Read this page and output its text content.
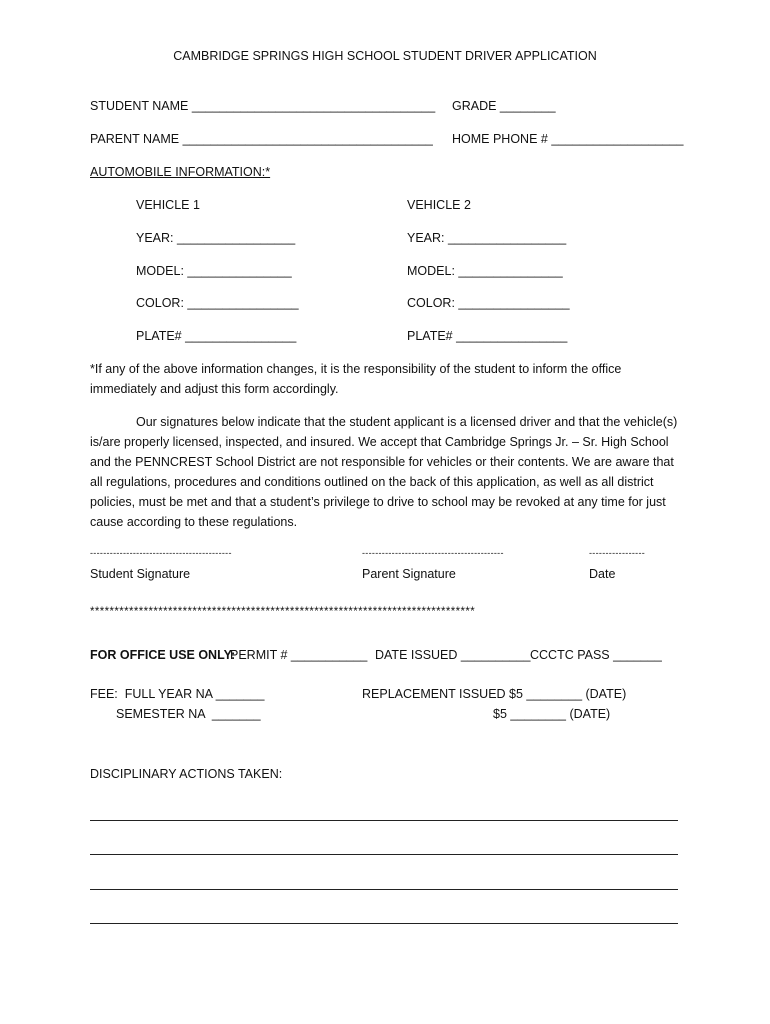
CAMBRIDGE SPRINGS HIGH SCHOOL STUDENT DRIVER APPLICATION
STUDENT NAME ___________________________________ GRADE ________
PARENT NAME ____________________________________ HOME PHONE # ___________________
AUTOMOBILE INFORMATION:*
VEHICLE 1	VEHICLE 2
YEAR: _________________	YEAR: _________________
MODEL: _______________	MODEL: _______________
COLOR: ________________	COLOR: ________________
PLATE# ________________	PLATE# ________________
*If any of the above information changes, it is the responsibility of the student to inform the office immediately and adjust this form accordingly.
Our signatures below indicate that the student applicant is a licensed driver and that the vehicle(s) is/are properly licensed, inspected, and insured. We accept that Cambridge Springs Jr. – Sr. High School and the PENNCREST School District are not responsible for vehicles or their contents. We are aware that all regulations, procedures and conditions outlined on the back of this application, as well as all district policies, must be met and that a student’s privilege to drive to school may be revoked at any time for just cause according to these regulations.
-------------------------------------------	-------------------------------------------	-----------------
Student Signature	Parent Signature	Date
*******************************************************************************
FOR OFFICE USE ONLY:
PERMIT # ___________ DATE ISSUED __________ CCCTC PASS _______
FEE:  FULL YEAR NA _______	REPLACEMENT ISSUED $5 ________ (DATE)
SEMESTER NA  _______	$5 ________ (DATE)
DISCIPLINARY ACTIONS TAKEN:
